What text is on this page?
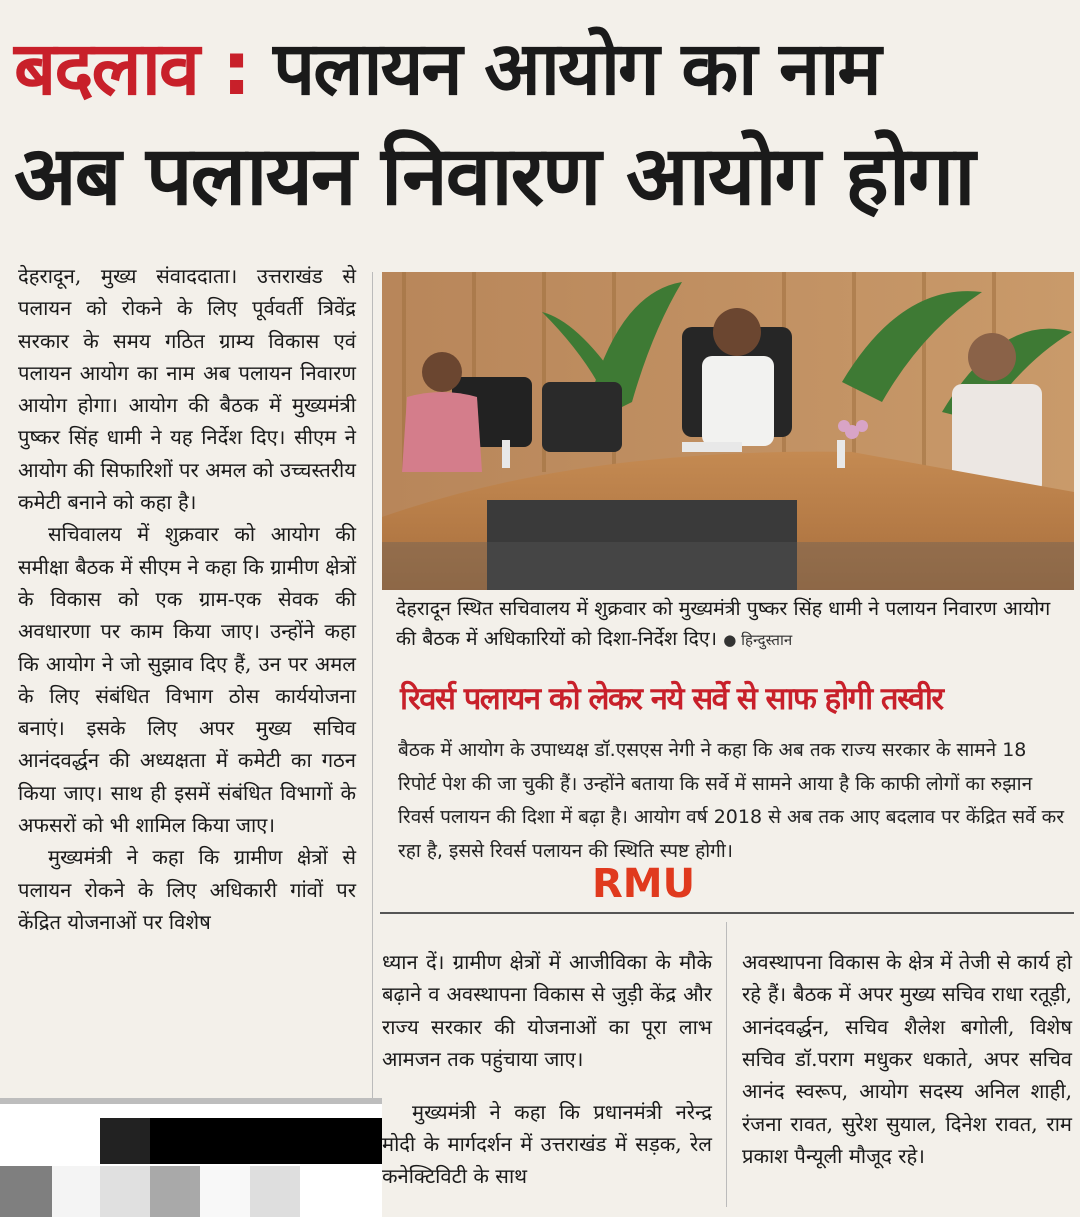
बदलाव : पलायन आयोग का नाम
अब पलायन निवारण आयोग होगा

देहरादून, मुख्य संवाददाता। उत्तराखंड से पलायन को रोकने के लिए पूर्ववर्ती त्रिवेंद्र सरकार के समय गठित ग्राम्य विकास एवं पलायन आयोग का नाम अब पलायन निवारण आयोग होगा। आयोग की बैठक में मुख्यमंत्री पुष्कर सिंह धामी ने यह निर्देश दिए। सीएम ने आयोग की सिफारिशों पर अमल को उच्चस्तरीय कमेटी बनाने को कहा है।

सचिवालय में शुक्रवार को आयोग की समीक्षा बैठक में सीएम ने कहा कि ग्रामीण क्षेत्रों के विकास को एक ग्राम-एक सेवक की अवधारणा पर काम किया जाए। उन्होंने कहा कि आयोग ने जो सुझाव दिए हैं, उन पर अमल के लिए संबंधित विभाग ठोस कार्ययोजना बनाएं। इसके लिए अपर मुख्य सचिव आनंदवर्द्धन की अध्यक्षता में कमेटी का गठन किया जाए। साथ ही इसमें संबंधित विभागों के अफसरों को भी शामिल किया जाए।

मुख्यमंत्री ने कहा कि ग्रामीण क्षेत्रों से पलायन रोकने के लिए अधिकारी गांवों पर केंद्रित योजनाओं पर विशेष

देहरादून स्थित सचिवालय में शुक्रवार को मुख्यमंत्री पुष्कर सिंह धामी ने पलायन निवारण आयोग की बैठक में अधिकारियों को दिशा-निर्देश दिए। ● हिन्दुस्तान

रिवर्स पलायन को लेकर नये सर्वे से साफ होगी तस्वीर

बैठक में आयोग के उपाध्यक्ष डॉ.एसएस नेगी ने कहा कि अब तक राज्य सरकार के सामने 18 रिपोर्ट पेश की जा चुकी हैं। उन्होंने बताया कि सर्वे में सामने आया है कि काफी लोगों का रुझान रिवर्स पलायन की दिशा में बढ़ा है। आयोग वर्ष 2018 से अब तक आए बदलाव पर केंद्रित सर्वे कर रहा है, इससे रिवर्स पलायन की स्थिति स्पष्ट होगी।

RMU

ध्यान दें। ग्रामीण क्षेत्रों में आजीविका के मौके बढ़ाने व अवस्थापना विकास से जुड़ी केंद्र और राज्य सरकार की योजनाओं का पूरा लाभ आमजन तक पहुंचाया जाए।

मुख्यमंत्री ने कहा कि प्रधानमंत्री नरेन्द्र मोदी के मार्गदर्शन में उत्तराखंड में सड़क, रेल कनेक्टिविटी के साथ

अवस्थापना विकास के क्षेत्र में तेजी से कार्य हो रहे हैं। बैठक में अपर मुख्य सचिव राधा रतूड़ी, आनंदवर्द्धन, सचिव शैलेश बगोली, विशेष सचिव डॉ.पराग मधुकर धकाते, अपर सचिव आनंद स्वरूप, आयोग सदस्य अनिल शाही, रंजना रावत, सुरेश सुयाल, दिनेश रावत, राम प्रकाश पैन्यूली मौजूद रहे।
